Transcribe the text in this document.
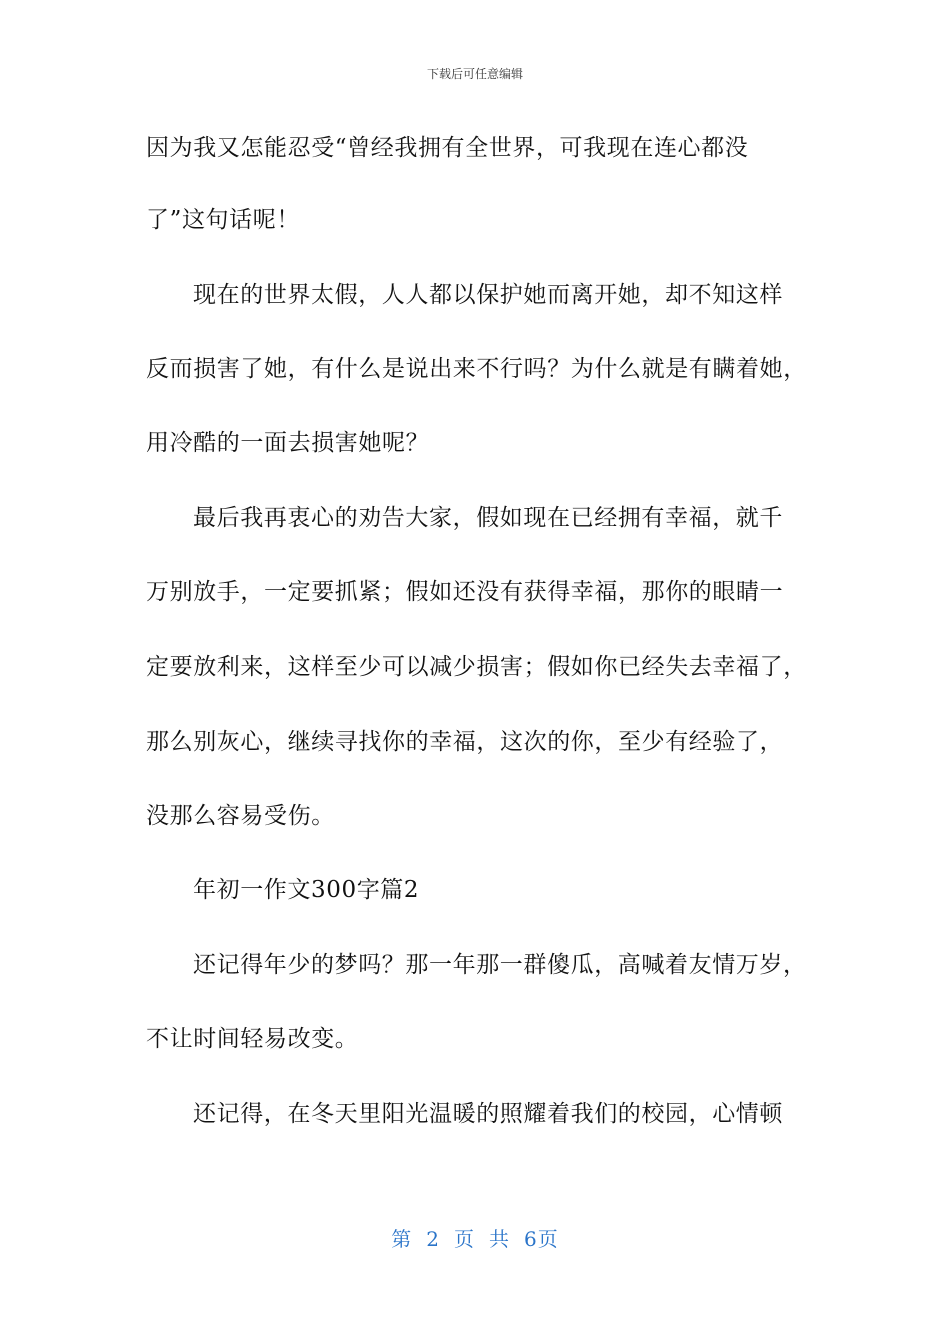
下载后可任意编辑
因为我又怎能忍受“曾经我拥有全世界，可我现在连心都没
了”这句话呢！
现在的世界太假，人人都以保护她而离开她，却不知这样
反而损害了她，有什么是说出来不行吗？为什么就是有瞒着她，
用冷酷的一面去损害她呢？
最后我再衷心的劝告大家，假如现在已经拥有幸福，就千
万别放手，一定要抓紧；假如还没有获得幸福，那你的眼睛一
定要放利来，这样至少可以减少损害；假如你已经失去幸福了，
那么别灰心，继续寻找你的幸福，这次的你，至少有经验了，
没那么容易受伤。
年初一作文300字篇2
还记得年少的梦吗？那一年那一群傻瓜，高喊着友情万岁，
不让时间轻易改变。
还记得，在冬天里阳光温暖的照耀着我们的校园，心情顿
第 2 页 共 6页
